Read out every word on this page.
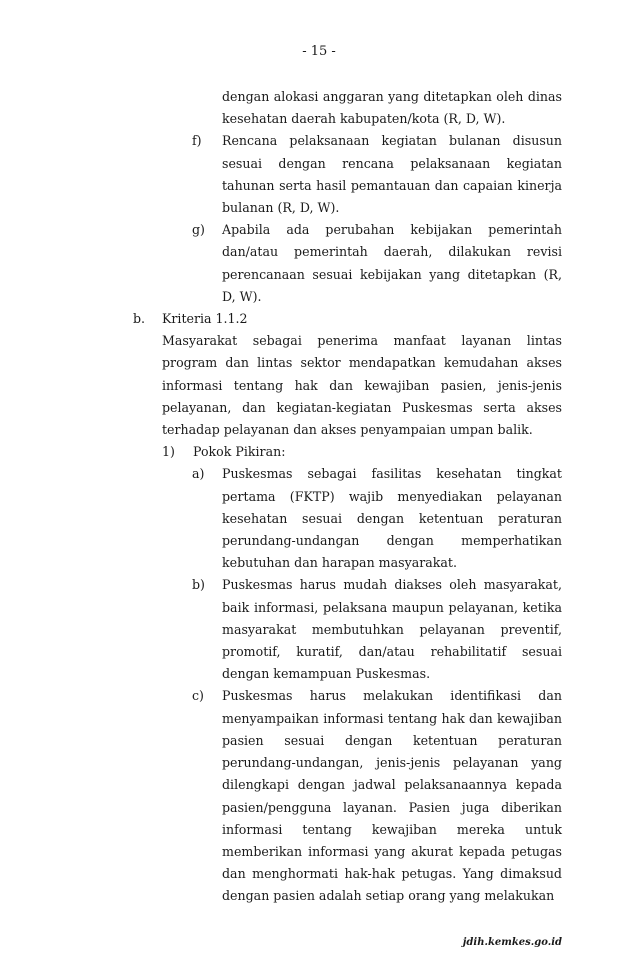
- 15 -
dengan alokasi anggaran yang ditetapkan oleh dinas kesehatan daerah kabupaten/kota (R, D, W).
f) Rencana pelaksanaan kegiatan bulanan disusun sesuai dengan rencana pelaksanaan kegiatan tahunan serta hasil pemantauan dan capaian kinerja bulanan (R, D, W).
g) Apabila ada perubahan kebijakan pemerintah dan/atau pemerintah daerah, dilakukan revisi perencanaan sesuai kebijakan yang ditetapkan (R, D, W).
b. Kriteria 1.1.2
Masyarakat sebagai penerima manfaat layanan lintas program dan lintas sektor mendapatkan kemudahan akses informasi tentang hak dan kewajiban pasien, jenis-jenis pelayanan, dan kegiatan-kegiatan Puskesmas serta akses terhadap pelayanan dan akses penyampaian umpan balik.
1) Pokok Pikiran:
a) Puskesmas sebagai fasilitas kesehatan tingkat pertama (FKTP) wajib menyediakan pelayanan kesehatan sesuai dengan ketentuan peraturan perundang-undangan dengan memperhatikan kebutuhan dan harapan masyarakat.
b) Puskesmas harus mudah diakses oleh masyarakat, baik informasi, pelaksana maupun pelayanan, ketika masyarakat membutuhkan pelayanan preventif, promotif, kuratif, dan/atau rehabilitatif sesuai dengan kemampuan Puskesmas.
c) Puskesmas harus melakukan identifikasi dan menyampaikan informasi tentang hak dan kewajiban pasien sesuai dengan ketentuan peraturan perundang-undangan, jenis-jenis pelayanan yang dilengkapi dengan jadwal pelaksanaannya kepada pasien/pengguna layanan. Pasien juga diberikan informasi tentang kewajiban mereka untuk memberikan informasi yang akurat kepada petugas dan menghormati hak-hak petugas. Yang dimaksud dengan pasien adalah setiap orang yang melakukan
jdih.kemkes.go.id
